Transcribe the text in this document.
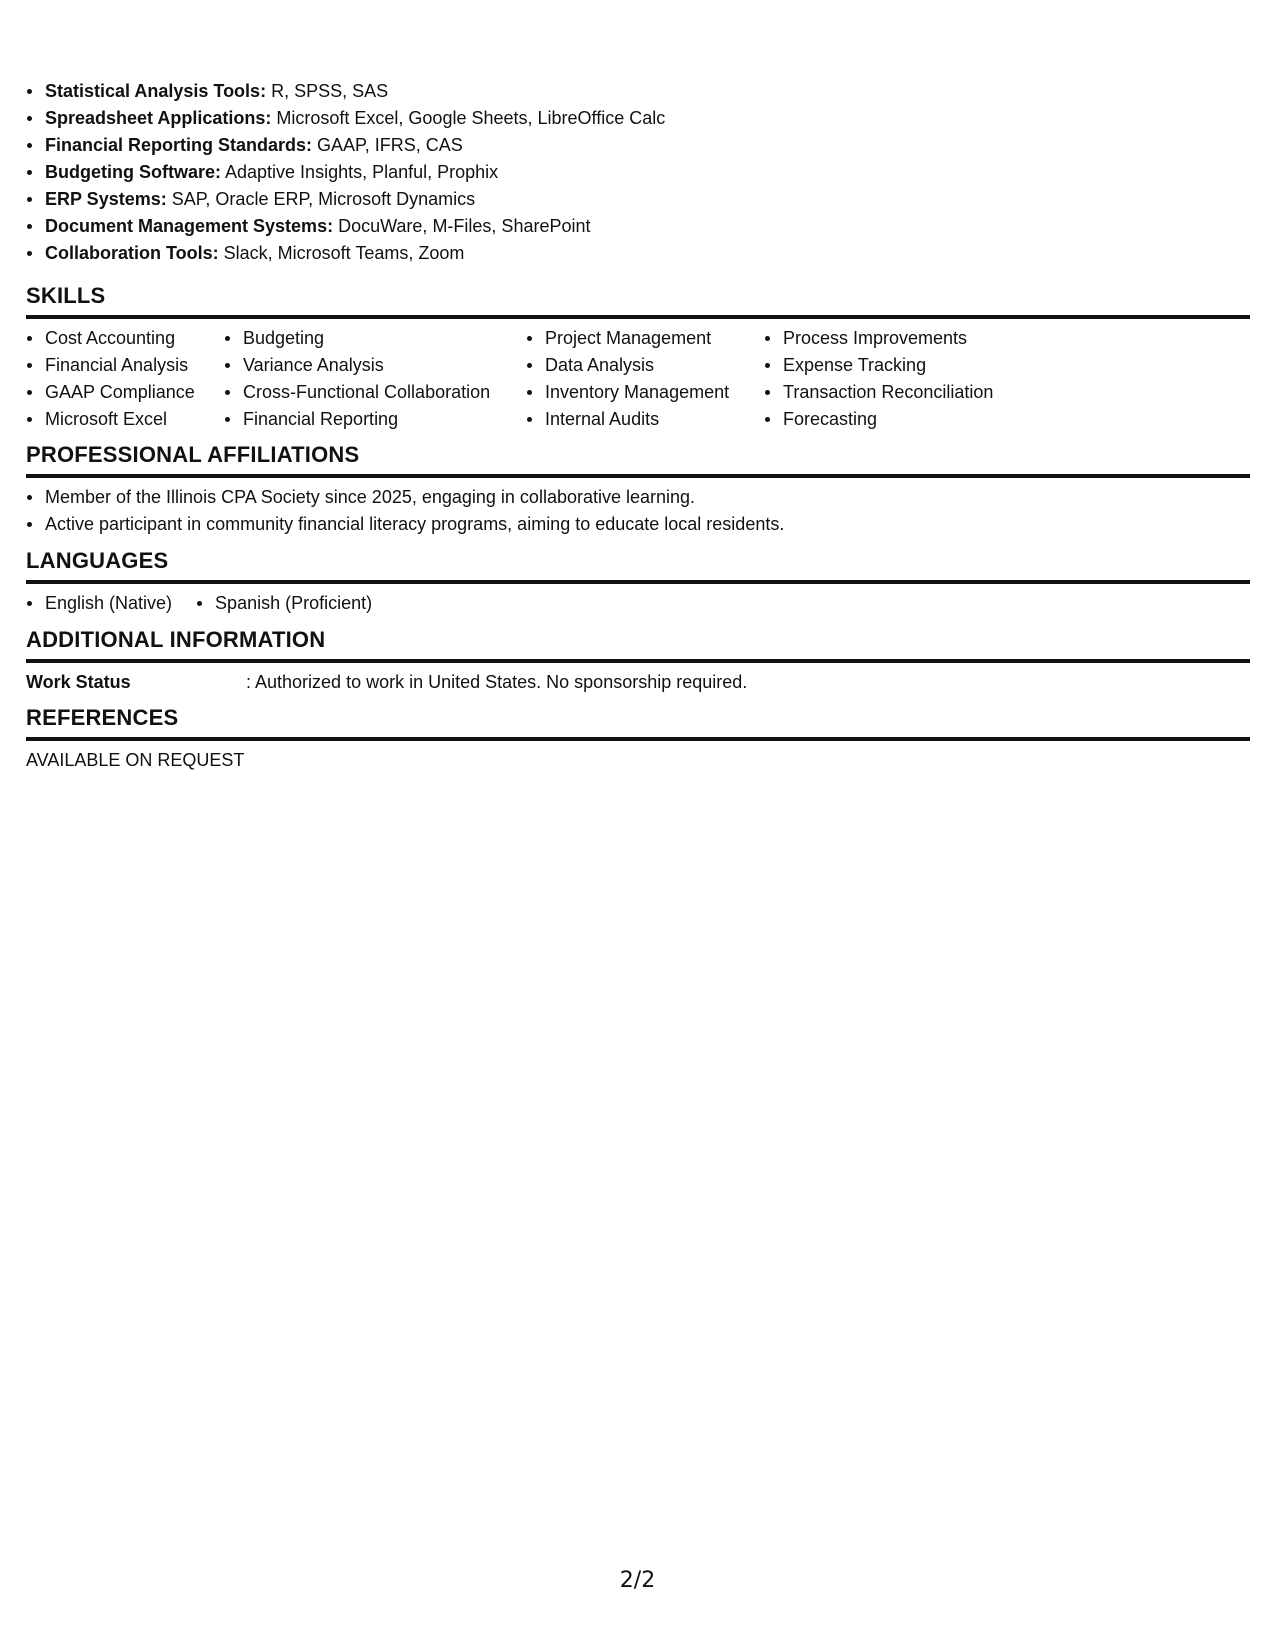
Statistical Analysis Tools: R, SPSS, SAS
Spreadsheet Applications: Microsoft Excel, Google Sheets, LibreOffice Calc
Financial Reporting Standards: GAAP, IFRS, CAS
Budgeting Software: Adaptive Insights, Planful, Prophix
ERP Systems: SAP, Oracle ERP, Microsoft Dynamics
Document Management Systems: DocuWare, M-Files, SharePoint
Collaboration Tools: Slack, Microsoft Teams, Zoom
SKILLS
Cost Accounting
Financial Analysis
GAAP Compliance
Microsoft Excel
Budgeting
Variance Analysis
Cross-Functional Collaboration
Financial Reporting
Project Management
Data Analysis
Inventory Management
Internal Audits
Process Improvements
Expense Tracking
Transaction Reconciliation
Forecasting
PROFESSIONAL AFFILIATIONS
Member of the Illinois CPA Society since 2025, engaging in collaborative learning.
Active participant in community financial literacy programs, aiming to educate local residents.
LANGUAGES
English (Native)	Spanish (Proficient)
ADDITIONAL INFORMATION
Work Status	: Authorized to work in United States. No sponsorship required.
REFERENCES
AVAILABLE ON REQUEST
2/2
